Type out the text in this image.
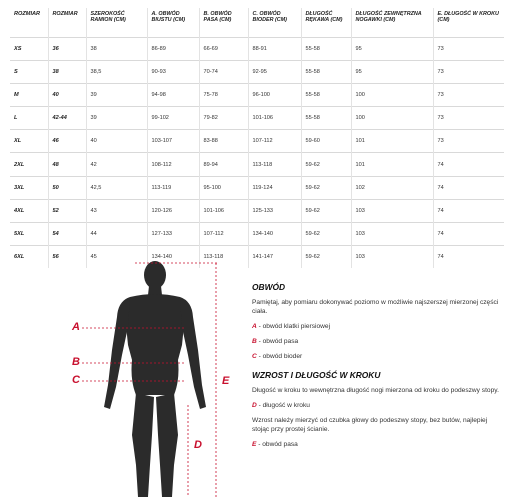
ROZMIAR	ROZMIAR	SZEROKOŚĆ RAMION (CM)	A. OBWÓD BIUSTU (CM)	B. OBWÓD PASA (CM)	C. OBWÓD BIODER (CM)	DŁUGOŚĆ RĘKAWA (CM)	DŁUGOŚĆ ZEWNĘTRZNA NOGAWKI (CM)	E. DŁUGOŚĆ W KROKU (CM)
XS	36	38	86-89	66-69	88-91	55-58	95	73
S	38	38,5	90-93	70-74	92-95	55-58	95	73
M	40	39	94-98	75-78	96-100	55-58	100	73
L	42-44	39	99-102	79-82	101-106	55-58	100	73
XL	46	40	103-107	83-88	107-112	59-60	101	73
2XL	48	42	108-112	89-94	113-118	59-62	101	74
3XL	50	42,5	113-119	95-100	119-124	59-62	102	74
4XL	52	43	120-126	101-106	125-133	59-62	103	74
5XL	54	44	127-133	107-112	134-140	59-62	103	74
6XL	56	45	134-140	113-118	141-147	59-62	103	74
A
B
C
D
E
OBWÓD

Pamiętaj, aby pomiaru dokonywać poziomo w możliwie najszerszej mierzonej części ciała.

A - obwód klatki piersiowej

B - obwód pasa

C - obwód bioder

WZROST I DŁUGOŚĆ W KROKU

Długość w kroku to wewnętrzna długość nogi mierzona od kroku do podeszwy stopy.

D - długość w kroku

Wzrost należy mierzyć od czubka głowy do podeszwy stopy, bez butów, najlepiej stojąc przy prostej ścianie.

E - obwód pasa
